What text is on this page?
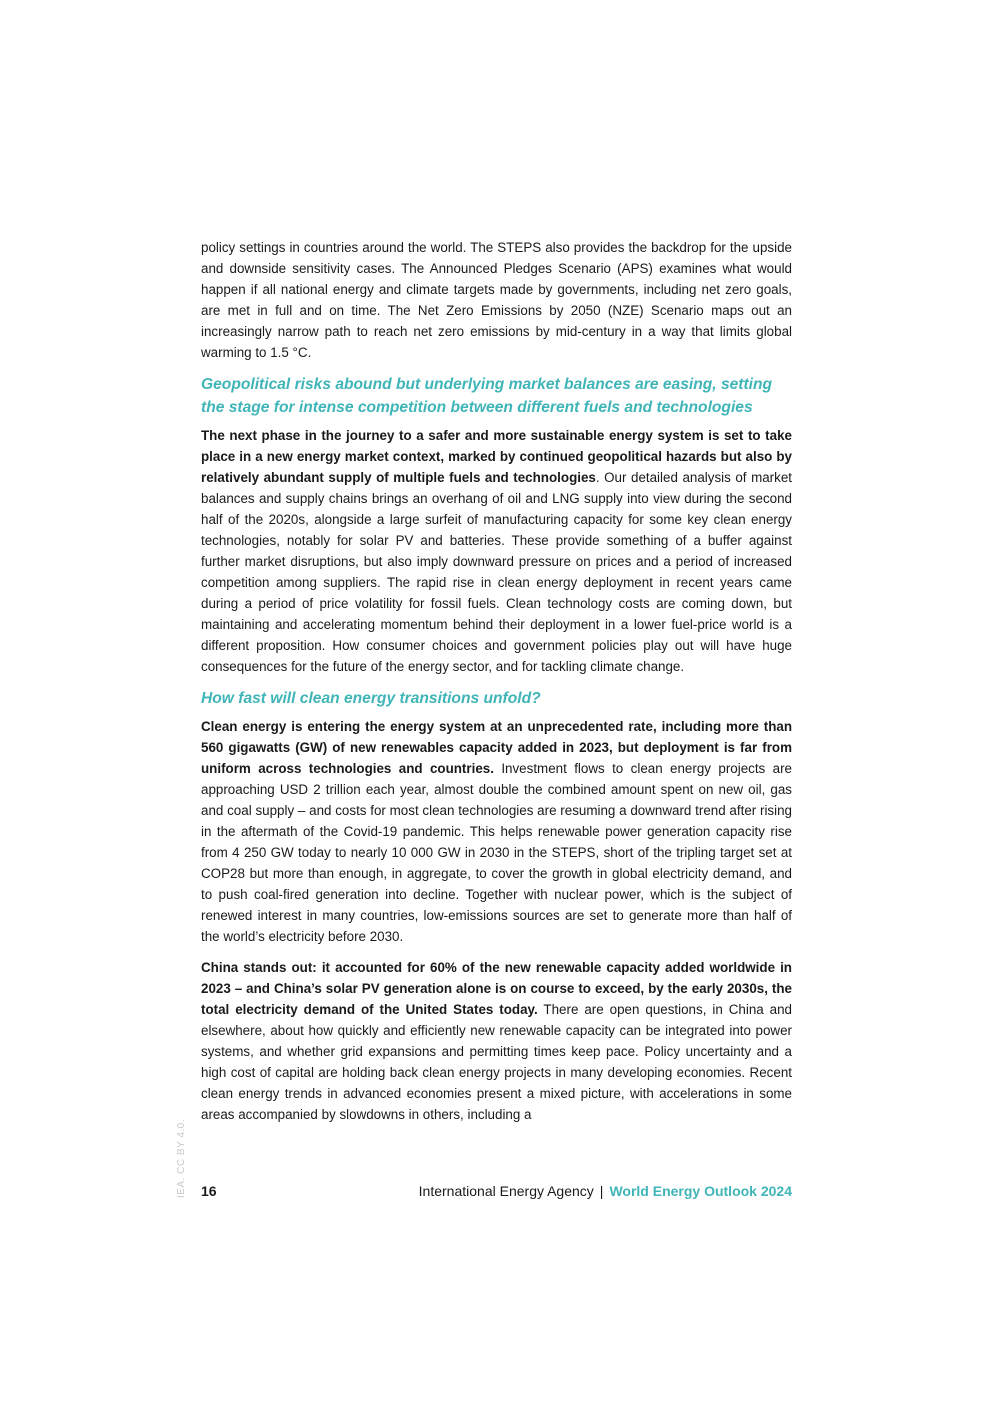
policy settings in countries around the world. The STEPS also provides the backdrop for the upside and downside sensitivity cases. The Announced Pledges Scenario (APS) examines what would happen if all national energy and climate targets made by governments, including net zero goals, are met in full and on time. The Net Zero Emissions by 2050 (NZE) Scenario maps out an increasingly narrow path to reach net zero emissions by mid-century in a way that limits global warming to 1.5 °C.

Geopolitical risks abound but underlying market balances are easing, setting the stage for intense competition between different fuels and technologies

The next phase in the journey to a safer and more sustainable energy system is set to take place in a new energy market context, marked by continued geopolitical hazards but also by relatively abundant supply of multiple fuels and technologies. Our detailed analysis of market balances and supply chains brings an overhang of oil and LNG supply into view during the second half of the 2020s, alongside a large surfeit of manufacturing capacity for some key clean energy technologies, notably for solar PV and batteries. These provide something of a buffer against further market disruptions, but also imply downward pressure on prices and a period of increased competition among suppliers. The rapid rise in clean energy deployment in recent years came during a period of price volatility for fossil fuels. Clean technology costs are coming down, but maintaining and accelerating momentum behind their deployment in a lower fuel-price world is a different proposition. How consumer choices and government policies play out will have huge consequences for the future of the energy sector, and for tackling climate change.

How fast will clean energy transitions unfold?

Clean energy is entering the energy system at an unprecedented rate, including more than 560 gigawatts (GW) of new renewables capacity added in 2023, but deployment is far from uniform across technologies and countries. Investment flows to clean energy projects are approaching USD 2 trillion each year, almost double the combined amount spent on new oil, gas and coal supply – and costs for most clean technologies are resuming a downward trend after rising in the aftermath of the Covid-19 pandemic. This helps renewable power generation capacity rise from 4 250 GW today to nearly 10 000 GW in 2030 in the STEPS, short of the tripling target set at COP28 but more than enough, in aggregate, to cover the growth in global electricity demand, and to push coal-fired generation into decline. Together with nuclear power, which is the subject of renewed interest in many countries, low-emissions sources are set to generate more than half of the world’s electricity before 2030.

China stands out: it accounted for 60% of the new renewable capacity added worldwide in 2023 – and China’s solar PV generation alone is on course to exceed, by the early 2030s, the total electricity demand of the United States today. There are open questions, in China and elsewhere, about how quickly and efficiently new renewable capacity can be integrated into power systems, and whether grid expansions and permitting times keep pace. Policy uncertainty and a high cost of capital are holding back clean energy projects in many developing economies. Recent clean energy trends in advanced economies present a mixed picture, with accelerations in some areas accompanied by slowdowns in others, including a

IEA. CC BY 4.0. 16	International Energy Agency | World Energy Outlook 2024
